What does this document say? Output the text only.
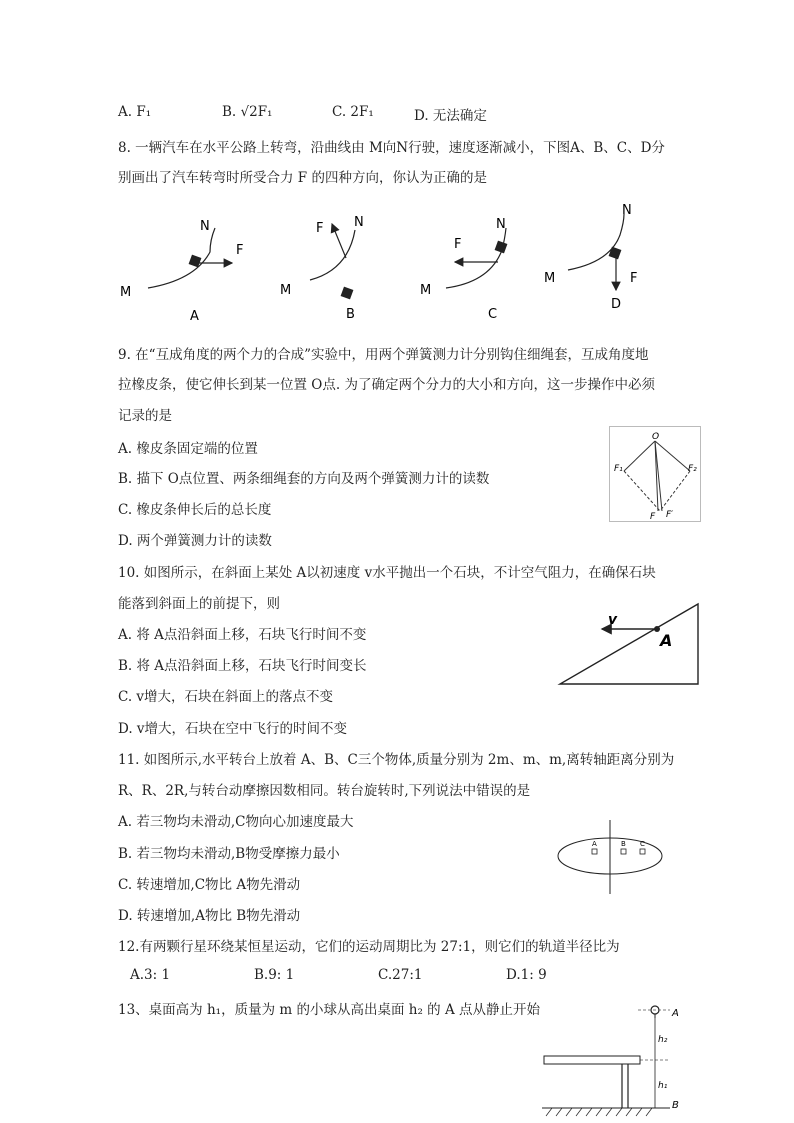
A. F₁	B. √2F₁	C. 2F₁	D. 无法确定
8. 一辆汽车在水平公路上转弯，沿曲线由 M向N行驶，速度逐渐减小，下图A、B、C、D分
别画出了汽车转弯时所受合力 F 的四种方向，你认为正确的是
M
N
F
A
M
N
F
B
M
N
F
C
M
N
F
D
9. 在“互成角度的两个力的合成”实验中，用两个弹簧测力计分别钩住细绳套，互成角度地
拉橡皮条，使它伸长到某一位置 O点. 为了确定两个分力的大小和方向，这一步操作中必须
记录的是
A. 橡皮条固定端的位置
B. 描下 O点位置、两条细绳套的方向及两个弹簧测力计的读数
C. 橡皮条伸长后的总长度
D. 两个弹簧测力计的读数
O
F₁	F₂
F F′
10. 如图所示，在斜面上某处 A以初速度 v水平抛出一个石块，不计空气阻力，在确保石块
能落到斜面上的前提下，则
A. 将 A点沿斜面上移，石块飞行时间不变
B. 将 A点沿斜面上移，石块飞行时间变长
C. v增大，石块在斜面上的落点不变
D. v增大，石块在空中飞行的时间不变
v
A
11. 如图所示,水平转台上放着 A、B、C三个物体,质量分别为 2m、m、m,离转轴距离分别为
R、R、2R,与转台动摩擦因数相同。转台旋转时,下列说法中错误的是
A. 若三物均未滑动,C物向心加速度最大
B. 若三物均未滑动,B物受摩擦力最小
C. 转速增加,C物比 A物先滑动
D. 转速增加,A物比 B物先滑动
A	B C
12.有两颗行星环绕某恒星运动，它们的运动周期比为 27:1，则它们的轨道半径比为
A.3: 1	B.9: 1	C.27:1	D.1: 9
13、桌面高为 h₁，质量为 m 的小球从高出桌面 h₂ 的 A 点从静止开始	A
B
h₂
h₁
